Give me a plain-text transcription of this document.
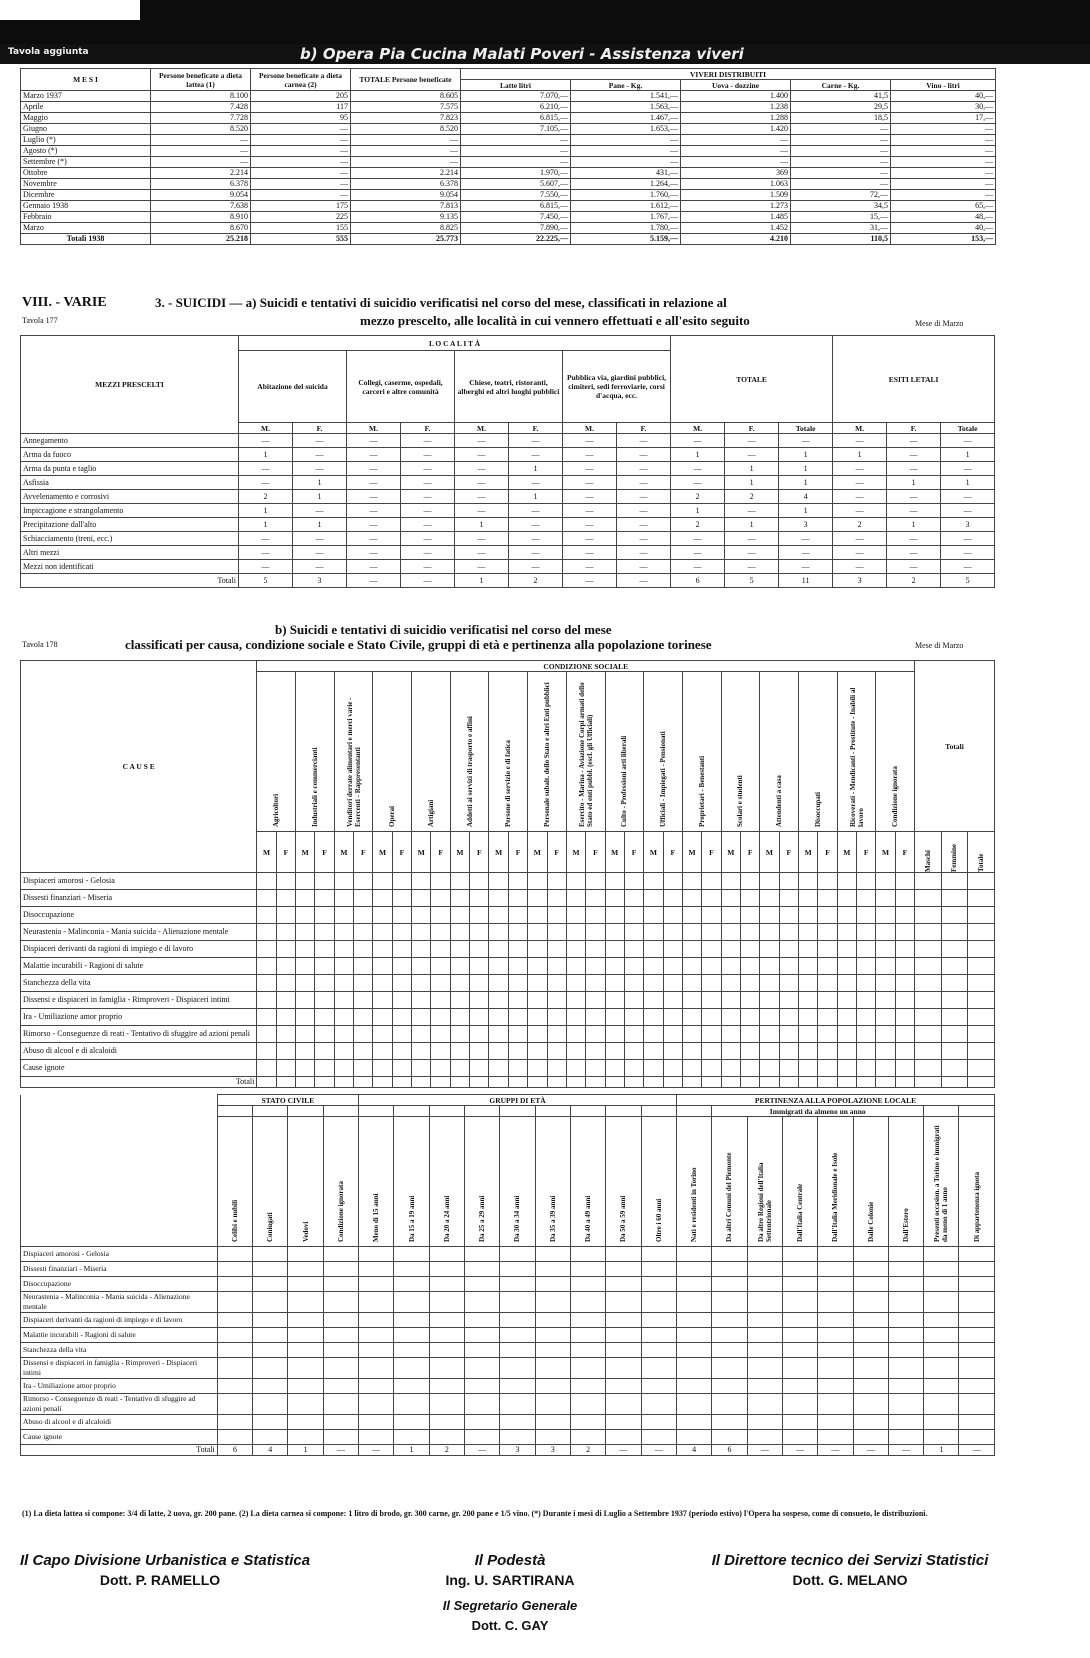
Tavola aggiunta	b) Opera Pia Cucina Malati Poveri - Assistenza viveri
M E S I	Persone beneficate a dieta lattea (1)	Persone beneficate a dieta carnea (2)	TOTALE Persone beneficate	VIVERI DISTRIBUITI				
				Latte litri	Pane - Kg.	Uova - dozzine	Carne - Kg.	Vino - litri
Marzo 1937	8.100	205	8.605	7.070,—	1.541,—	1.400	41,5	40,—
Aprile	7.428	117	7.575	6.210,—	1.563,—	1.238	29,5	30,—
Maggio	7.728	95	7.823	6.815,—	1.467,—	1.288	18,5	17,—
Giugno	8.520	—	8.520	7.105,—	1.653,—	1.420	—	—
Luglio (*)	—	—	—	—	—	—	—	—
Agosto (*)	—	—	—	—	—	—	—	—
Settembre (*)	—	—	—	—	—	—	—	—
Ottobre	2.214	—	2.214	1.970,—	431,—	369	—	—
Novembre	6.378	—	6.378	5.607,—	1.264,—	1.063	—	—
Dicembre	9.054	—	9.054	7.550,—	1.760,—	1.509	72,—	—
Gennaio 1938	7.638	175	7.813	6.815,—	1.612,—	1.273	34,5	65,—
Febbraio	8.910	225	9.135	7.450,—	1.767,—	1.485	15,—	48,—
Marzo	8.670	155	8.825	7.890,—	1.780,—	1.452	31,—	40,—
Totali 1938	25.218	555	25.773	22.225,—	5.159,—	4.210	110,5	153,—
VIII. - VARIE
Tavola 177
3. - SUICIDI — a) Suicidi e tentativi di suicidio verificatisi nel corso del mese, classificati in relazione al
mezzo prescelto, alle località in cui vennero effettuati e all'esito seguito	Mese di Marzo
MEZZI PRESCELTI	L O C A L I T À								TOTALE			ESITI LETALI		
	Abitazione del suicida		Collegi, caserme, ospedali, carceri e altre comunità		Chiese, teatri, ristoranti, alberghi ed altri luoghi pubblici		Pubblica via, giardini pubblici, cimiteri, sedi ferroviarie, corsi d'acqua, ecc.							
	M.	F.	M.	F.	M.	F.	M.	F.	M.	F.	Totale	M.	F.	Totale
Annegamento	—	—	—	—	—	—	—	—	—	—	—	—	—	—
Arma da fuoco	1	—	—	—	—	—	—	—	1	—	1	1	—	1
Arma da punta e taglio	—	—	—	—	—	1	—	—	—	1	1	—	—	—
Asfissia	—	1	—	—	—	—	—	—	—	1	1	—	1	1
Avvelenamento e corrosivi	2	1	—	—	—	1	—	—	2	2	4	—	—	—
Impiccagione e strangolamento	1	—	—	—	—	—	—	—	1	—	1	—	—	—
Precipitazione dall'alto	1	1	—	—	1	—	—	—	2	1	3	2	1	3
Schiacciamento (treni, ecc.)	—	—	—	—	—	—	—	—	—	—	—	—	—	—
Altri mezzi	—	—	—	—	—	—	—	—	—	—	—	—	—	—
Mezzi non identificati	—	—	—	—	—	—	—	—	—	—	—	—	—	—
Totali	5	3	—	—	1	2	—	—	6	5	11	3	2	5
b) Suicidi e tentativi di suicidio verificatisi nel corso del mese
Tavola 178	classificati per causa, condizione sociale e Stato Civile, gruppi di età e pertinenza alla popolazione torinese	Mese di Marzo
C A U S E	CONDIZIONE SOCIALE																																		Totali		

	Agricoltori		Industriali e commercianti		Venditori derrate alimentari e merci varie - Esercenti - Rappresentanti		Operai		Artigiani		Addetti ai servizi di trasporto e affini		Persone di servizio e di fatica		Personale subalt. dello Stato e altri Enti pubblici		Esercito - Marina - Aviazione Corpi armati dello Stato ed enti pubbl. (escl. gli Ufficiali)		Culto - Professioni arti liberali		Ufficiali - Impiegati - Pensionati		Proprietari - Benestanti		Scolari e studenti		Attendenti a casa		Disoccupati		Ricoverati - Mendicanti - Prostitute - Inabili al lavoro		Condizione ignorata				

	M	F	M	F	M	F	M	F	M	F	M	F	M	F	M	F	M	F	M	F	M	F	M	F	M	F	M	F	M	F	M	F	M	F	Maschi	Femmine	Totale

Dispiaceri amorosi - Gelosia																																					
Dissesti finanziari - Miseria																																					
Disoccupazione																																					
Neurastenia - Malinconia - Mania suicida - Alienazione mentale																																					
Dispiaceri derivanti da ragioni di impiego e di lavoro																																					
Malattie incurabili - Ragioni di salute																																					
Stanchezza della vita																																					
Dissensi e dispiaceri in famiglia - Rimproveri - Dispiaceri intimi																																					
Ira - Umiliazione amor proprio																																					
Rimorso - Conseguenze di reati - Tentativo di sfuggire ad azioni penali																																					
Abuso di alcool e di alcaloidi																																					
Cause ignote																																					
Totali																																					
	STATO CIVILE				GRUPPI DI ETÀ									PERTINENZA ALLA POPOLAZIONE LOCALE								
															Immigrati da almeno un anno							

	Celibi e nubili	Coniugati	Vedovi	Condizione ignorata	Meno di 15 anni	Da 15 a 19 anni	Da 20 a 24 anni	Da 25 a 29 anni	Da 30 a 34 anni	Da 35 a 39 anni	Da 40 a 49 anni	Da 50 a 59 anni	Oltre i 60 anni	Nati e residenti in Torino	Da altri Comuni del Piemonte	Da altre Regioni dell'Italia Settentrionale	Dall'Italia Centrale	Dall'Italia Meridionale e Isole	Dalle Colonie	Dall'Estero	Presenti occasion. a Torino e immigrati da meno di 1 anno	Di appartenenza ignota

Dispiaceri amorosi - Gelosia																						
Dissesti finanziari - Miseria																						
Disoccupazione																						
Neurastenia - Malinconia - Mania suicida - Alienazione mentale																						
Dispiaceri derivanti da ragioni di impiego e di lavoro																						
Malattie incurabili - Ragioni di salute																						
Stanchezza della vita																						
Dissensi e dispiaceri in famiglia - Rimproveri - Dispiaceri intimi																						
Ira - Umiliazione amor proprio																						
Rimorso - Conseguenze di reati - Tentativo di sfuggire ad azioni penali																						
Abuso di alcool e di alcaloidi																						
Cause ignote																						
Totali	6	4	1	—	—	1	2	—	3	3	2	—	—	4	6	—	—	—	—	—	1	—
(1) La dieta lattea si compone: 3/4 di latte, 2 uova, gr. 200 pane. (2) La dieta carnea si compone: 1 litro di brodo, gr. 300 carne, gr. 200 pane e 1/5 vino. (*) Durante i mesi di Luglio a Settembre 1937 (periodo estivo) l'Opera ha sospeso, come di consueto, le distribuzioni.
Il Capo Divisione Urbanistica e Statistica
Dott. P. RAMELLO
Il Podestà
Ing. U. SARTIRANA
Il Segretario Generale
Dott. C. GAY
Il Direttore tecnico dei Servizi Statistici
Dott. G. MELANO
